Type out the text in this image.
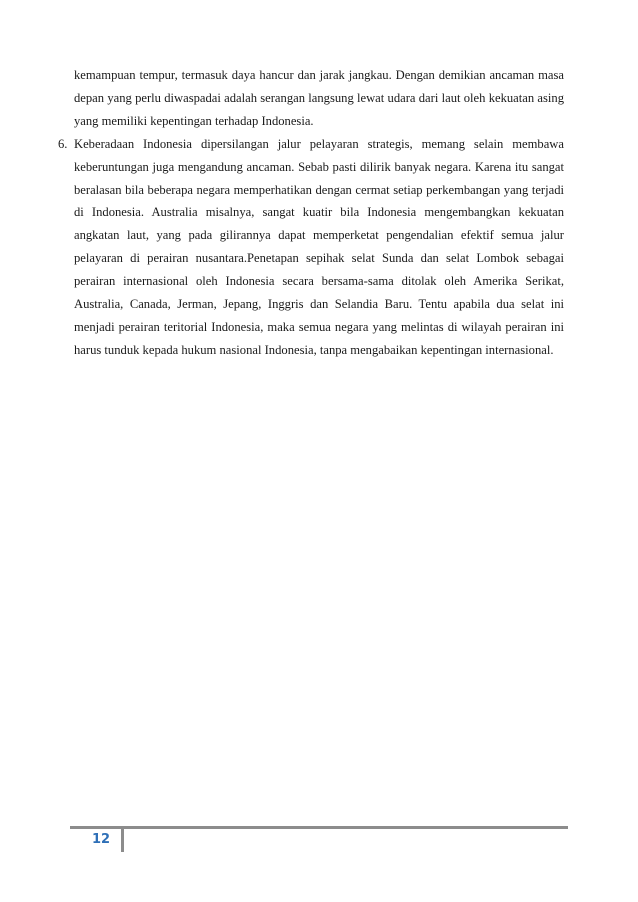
kemampuan tempur, termasuk daya hancur dan jarak jangkau. Dengan demikian ancaman masa depan yang perlu diwaspadai adalah serangan langsung lewat udara dari laut oleh kekuatan asing yang memiliki kepentingan terhadap Indonesia.

6. Keberadaan Indonesia dipersilangan jalur pelayaran strategis, memang selain membawa keberuntungan juga mengandung ancaman. Sebab pasti dilirik banyak negara. Karena itu sangat beralasan bila beberapa negara memperhatikan dengan cermat setiap perkembangan yang terjadi di Indonesia. Australia misalnya, sangat kuatir bila Indonesia mengembangkan kekuatan angkatan laut, yang pada gilirannya dapat memperketat pengendalian efektif semua jalur pelayaran di perairan nusantara.Penetapan sepihak selat Sunda dan selat Lombok sebagai perairan internasional oleh Indonesia secara bersama-sama ditolak oleh Amerika Serikat, Australia, Canada, Jerman, Jepang, Inggris dan Selandia Baru. Tentu apabila dua selat ini menjadi perairan teritorial Indonesia, maka semua negara yang melintas di wilayah perairan ini harus tunduk kepada hukum nasional Indonesia, tanpa mengabaikan kepentingan internasional.

12
